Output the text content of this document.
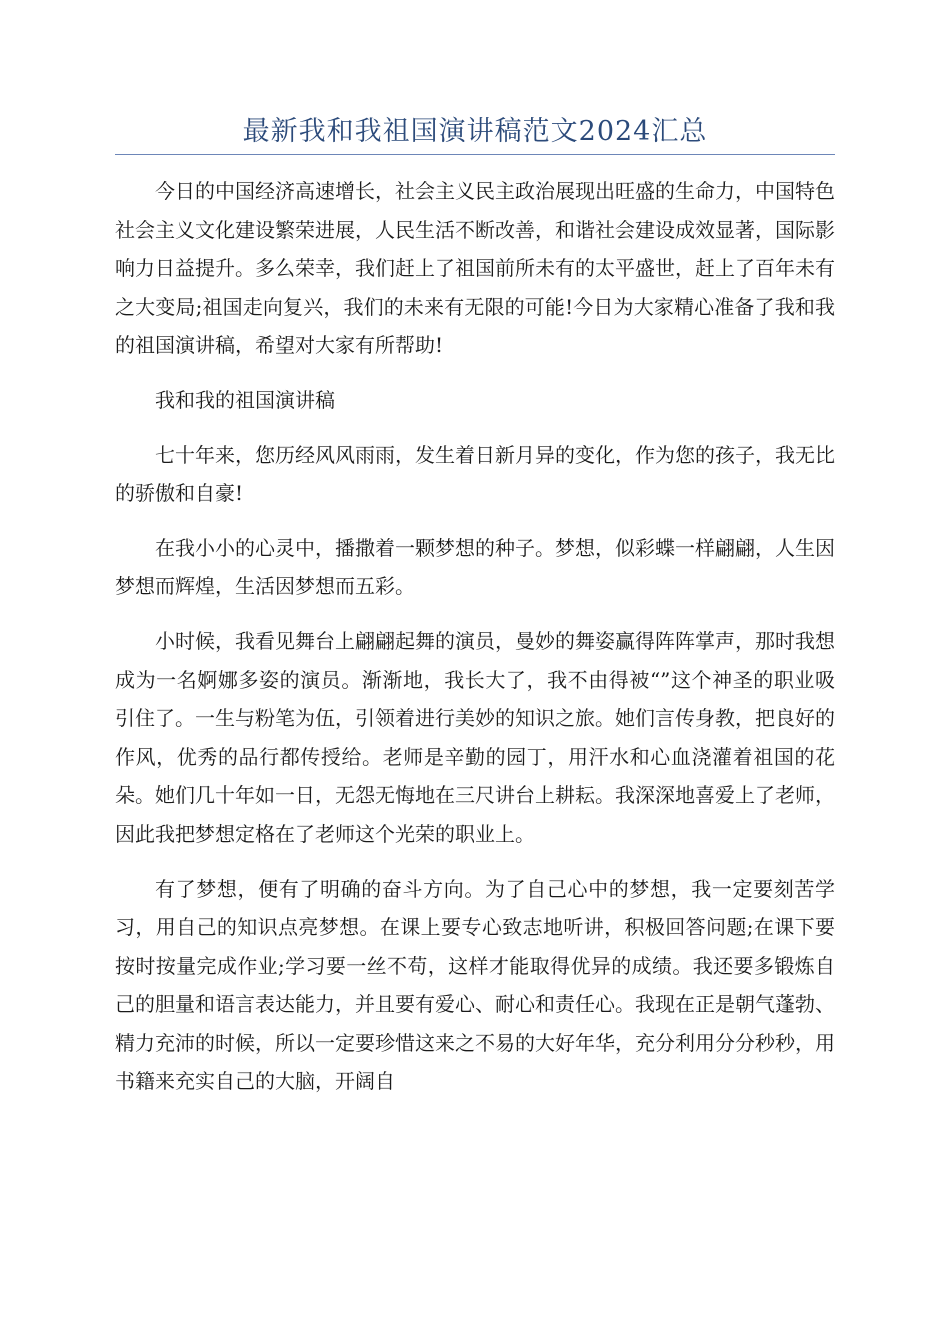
最新我和我祖国演讲稿范文2024汇总

今日的中国经济高速增长，社会主义民主政治展现出旺盛的生命力，中国特色社会主义文化建设繁荣进展，人民生活不断改善，和谐社会建设成效显著，国际影响力日益提升。多么荣幸，我们赶上了祖国前所未有的太平盛世，赶上了百年未有之大变局;祖国走向复兴，我们的未来有无限的可能!今日为大家精心准备了我和我的祖国演讲稿，希望对大家有所帮助!

我和我的祖国演讲稿

七十年来，您历经风风雨雨，发生着日新月异的变化，作为您的孩子，我无比的骄傲和自豪!

在我小小的心灵中，播撒着一颗梦想的种子。梦想，似彩蝶一样翩翩，人生因梦想而辉煌，生活因梦想而五彩。

小时候，我看见舞台上翩翩起舞的演员，曼妙的舞姿赢得阵阵掌声，那时我想成为一名婀娜多姿的演员。渐渐地，我长大了，我不由得被“”这个神圣的职业吸引住了。一生与粉笔为伍，引领着进行美妙的知识之旅。她们言传身教，把良好的作风，优秀的品行都传授给。老师是辛勤的园丁，用汗水和心血浇灌着祖国的花朵。她们几十年如一日，无怨无悔地在三尺讲台上耕耘。我深深地喜爱上了老师，因此我把梦想定格在了老师这个光荣的职业上。

有了梦想，便有了明确的奋斗方向。为了自己心中的梦想，我一定要刻苦学习，用自己的知识点亮梦想。在课上要专心致志地听讲，积极回答问题;在课下要按时按量完成作业;学习要一丝不苟，这样才能取得优异的成绩。我还要多锻炼自己的胆量和语言表达能力，并且要有爱心、耐心和责任心。我现在正是朝气蓬勃、精力充沛的时候，所以一定要珍惜这来之不易的大好年华，充分利用分分秒秒，用书籍来充实自己的大脑，开阔自
